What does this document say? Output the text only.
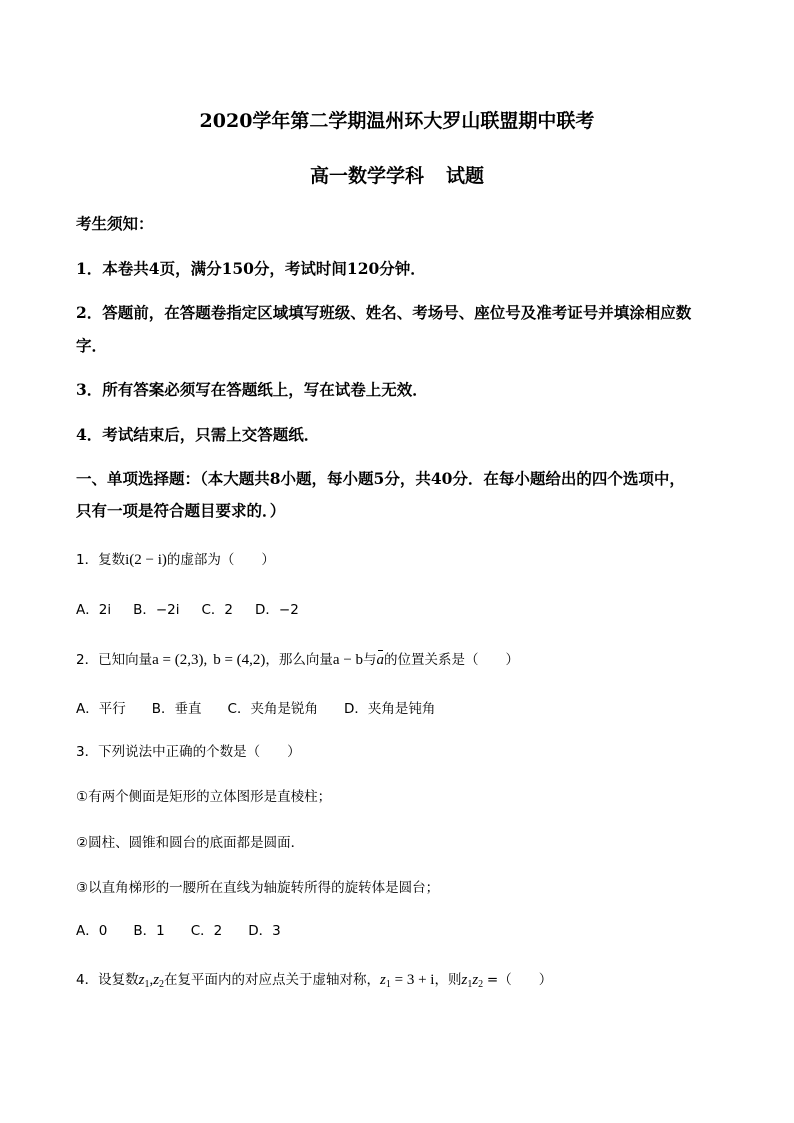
2020学年第二学期温州环大罗山联盟期中联考
高一数学学科 试题
考生须知：
1．本卷共4页，满分150分，考试时间120分钟．
2．答题前，在答题卷指定区域填写班级、姓名、考场号、座位号及准考证号并填涂相应数
字．
3．所有答案必须写在答题纸上，写在试卷上无效．
4．考试结束后，只需上交答题纸．
一、单项选择题：（本大题共8小题，每小题5分，共40分．在每小题给出的四个选项中，
只有一项是符合题目要求的．）
1．复数i(2 − i)的虚部为（　　）
A．2i B．−2i C．2 D．−2
2．已知向量a = (2,3), b = (4,2)，那么向量a − b与a的位置关系是（　　）
A．平行 B．垂直 C．夹角是锐角 D．夹角是钝角
3．下列说法中正确的个数是（　　）
①有两个侧面是矩形的立体图形是直棱柱；
②圆柱、圆锥和圆台的底面都是圆面．
③以直角梯形的一腰所在直线为轴旋转所得的旋转体是圆台；
A．0 B．1 C．2 D．3
4．设复数$z_1,z_2$在复平面内的对应点关于虚轴对称，$z_1 = 3 + i$，则$z_1z_2$ =（　　）
